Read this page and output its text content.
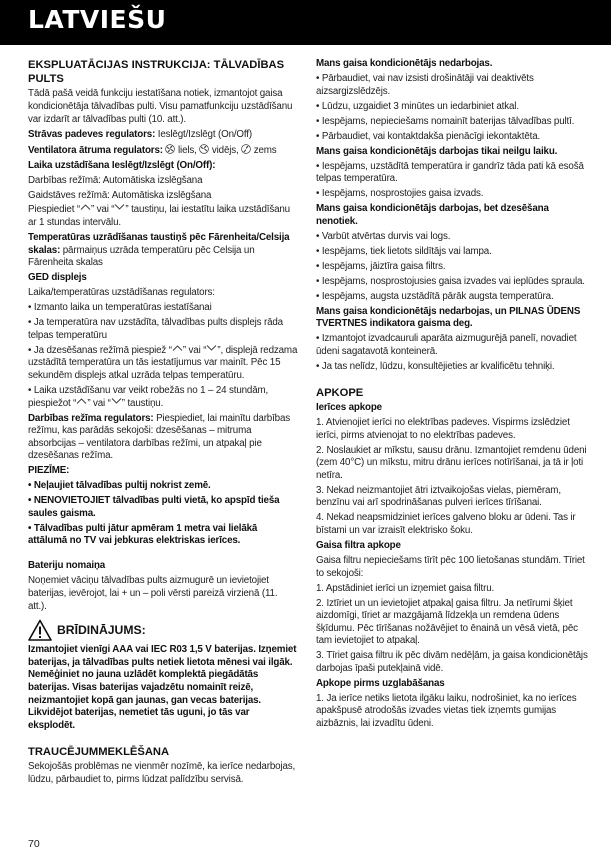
LATVIEŠU

EKSPLUATĀCIJAS INSTRUKCIJA: TĀLVADĪBAS PULTS

Tādā pašā veidā funkciju iestatīšana notiek, izmantojot gaisa kondicionētāja tālvadības pulti. Visu pamatfunkciju uzstādīšanu var izdarīt ar tālvadības pulti (10. att.).

Strāvas padeves regulators: Ieslēgt/Izslēgt (On/Off)

Ventilatora ātruma regulators:  liels,  vidējs,  zems

Laika uzstādīšana Ieslēgt/Izslēgt (On/Off):

Darbības režīmā: Automātiska izslēgšana

Gaidstāves režīmā: Automātiska izslēgšana

Piespiediet “ ” vai “ ” taustiņu, lai iestatītu laika uzstādīšanu ar 1 stundas intervālu.

Temperatūras uzrādīšanas taustiņš pēc Fārenheita/Celsija skalas: pārmaiņus uzrāda temperatūru pēc Celsija un Fārenheita skalas

GED displejs

Laika/temperatūras uzstādīšanas regulators:

• Izmanto laika un temperatūras iestatīšanai

• Ja temperatūra nav uzstādīta, tālvadības pults displejs rāda telpas temperatūru

• Ja dzesēšanas režīmā piespiež “ ” vai “ ”, displejā redzama uzstādītā temperatūra un tās iestatījumus var mainīt. Pēc 15 sekundēm displejs atkal uzrāda telpas temperatūru.

• Laika uzstādīšanu var veikt robežās no 1 – 24 stundām, piespiežot “ ” vai “ ” taustiņu.

Darbības režīma regulators: Piespiediet, lai mainītu darbības režīmu, kas parādās sekojoši: dzesēšanas – mitruma absorbcijas – ventilatora darbības režīmi, un atpakaļ pie dzesēšanas režīma.

PIEZĪME:

• Neļaujiet tālvadības pultij nokrist zemē.

• NENOVIETOJIET tālvadības pulti vietā, ko apspīd tieša saules gaisma.

• Tālvadības pulti jātur apmēram 1 metra vai lielākā attālumā no TV vai jebkuras elektriskas ierīces.

Bateriju nomaiņa

Noņemiet vāciņu tālvadības pults aizmugurē un ievietojiet baterijas, ievērojot, lai + un – poli vērsti pareizā virzienā (11. att.).

BRĪDINĀJUMS:

Izmantojiet vienīgi AAA vai IEC R03 1,5 V baterijas. Izņemiet baterijas, ja tālvadības pults netiek lietota mēnesi vai ilgāk. Nemēģiniet no jauna uzlādēt komplektā piegādātās baterijas. Visas baterijas vajadzētu nomainīt reizē, neizmantojiet kopā gan jaunas, gan vecas baterijas. Likvidējot baterijas, nemetiet tās uguni, jo tās var eksplodēt.

TRAUCĒJUMMEKLĒŠANA

Sekojošās problēmas ne vienmēr nozīmē, ka ierīce nedarbojas, lūdzu, pārbaudiet to, pirms lūdzat palīdzību servisā.

Mans gaisa kondicionētājs nedarbojas.

• Pārbaudiet, vai nav izsisti drošinātāji vai deaktivēts aizsargizslēdzējs.

• Lūdzu, uzgaidiet 3 minūtes un iedarbiniet atkal.

• Iespējams, nepieciešams nomainīt baterijas tālvadības pultī.

• Pārbaudiet, vai kontaktdakša pienācīgi iekontaktēta.

Mans gaisa kondicionētājs darbojas tikai neilgu laiku.

• Iespējams, uzstādītā temperatūra ir gandrīz tāda pati kā esošā telpas temperatūra.

• Iespējams, nosprostojies gaisa izvads.

Mans gaisa kondicionētājs darbojas, bet dzesēšana nenotiek.

• Varbūt atvērtas durvis vai logs.

• Iespējams, tiek lietots sildītājs vai lampa.

• Iespējams, jāiztīra gaisa filtrs.

• Iespējams, nosprostojusies gaisa izvades vai ieplūdes spraula.

• Iespējams, augsta uzstādītā pārāk augsta temperatūra.

Mans gaisa kondicionētājs nedarbojas, un PILNAS ŪDENS TVERTNES indikatora gaisma deg.

• Izmantojot izvadcauruli aparāta aizmugurējā panelī, novadiet ūdeni sagatavotā konteinerā.

• Ja tas nelīdz, lūdzu, konsultējieties ar kvalificētu tehniķi.

APKOPE

Ierīces apkope

1. Atvienojiet ierīci no elektrības padeves. Vispirms izslēdziet ierīci, pirms atvienojat to no elektrības padeves.

2. Noslaukiet ar mīkstu, sausu drānu. Izmantojiet remdenu ūdeni (zem 40°C) un mīkstu, mitru drānu ierīces notīrīšanai, ja tā ir ļoti netīra.

3. Nekad neizmantojiet ātri iztvaikojošas vielas, piemēram, benzīnu vai arī spodrināšanas pulveri ierīces tīrīšanai.

4. Nekad neapsmidziniet ierīces galveno bloku ar ūdeni. Tas ir bīstami un var izraisīt elektrisko šoku.

Gaisa filtra apkope

Gaisa filtru nepieciešams tīrīt pēc 100 lietošanas stundām. Tīriet to sekojoši:

1. Apstādiniet ierīci un izņemiet gaisa filtru.

2. Iztīriet un un ievietojiet atpakaļ gaisa filtru. Ja netīrumi šķiet aizdomīgi, tīriet ar mazgājamā līdzekļa un remdena ūdens šķīdumu. Pēc tīrīšanas nožāvējiet to ēnainā un vēsā vietā, pēc tam ievietojiet to atpakaļ.

3. Tīriet gaisa filtru ik pēc divām nedēļām, ja gaisa kondicionētājs darbojas īpaši putekļainā vidē.

Apkope pirms uzglabāšanas

1. Ja ierīce netiks lietota ilgāku laiku, nodrošiniet, ka no ierīces apakšpusē atrodošās izvades vietas tiek izņemts gumijas aizbāznis, lai izvadītu ūdeni.

70
